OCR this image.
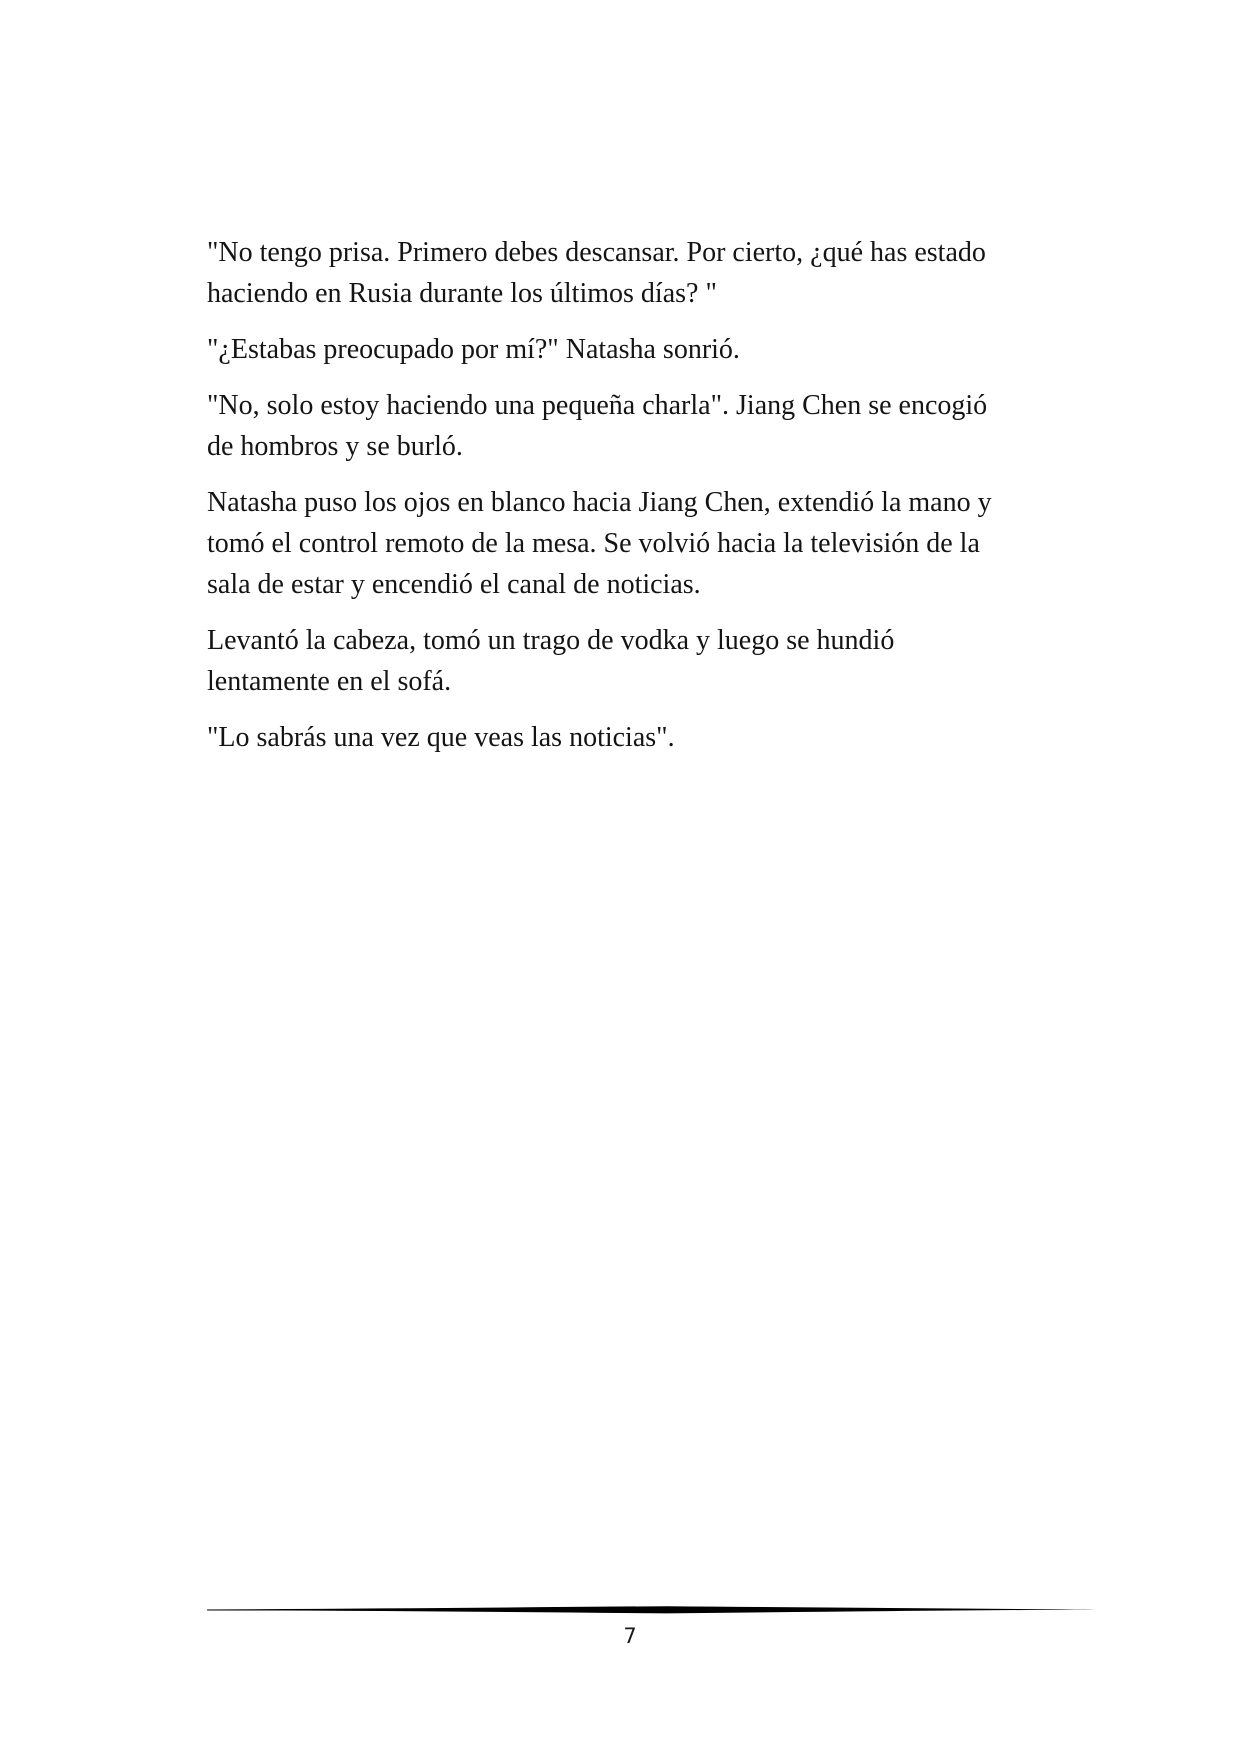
"No tengo prisa. Primero debes descansar. Por cierto, ¿qué has estado
haciendo en Rusia durante los últimos días? "

"¿Estabas preocupado por mí?" Natasha sonrió.

"No, solo estoy haciendo una pequeña charla". Jiang Chen se encogió
de hombros y se burló.

Natasha puso los ojos en blanco hacia Jiang Chen, extendió la mano y
tomó el control remoto de la mesa. Se volvió hacia la televisión de la
sala de estar y encendió el canal de noticias.

Levantó la cabeza, tomó un trago de vodka y luego se hundió
lentamente en el sofá.

"Lo sabrás una vez que veas las noticias".

7
